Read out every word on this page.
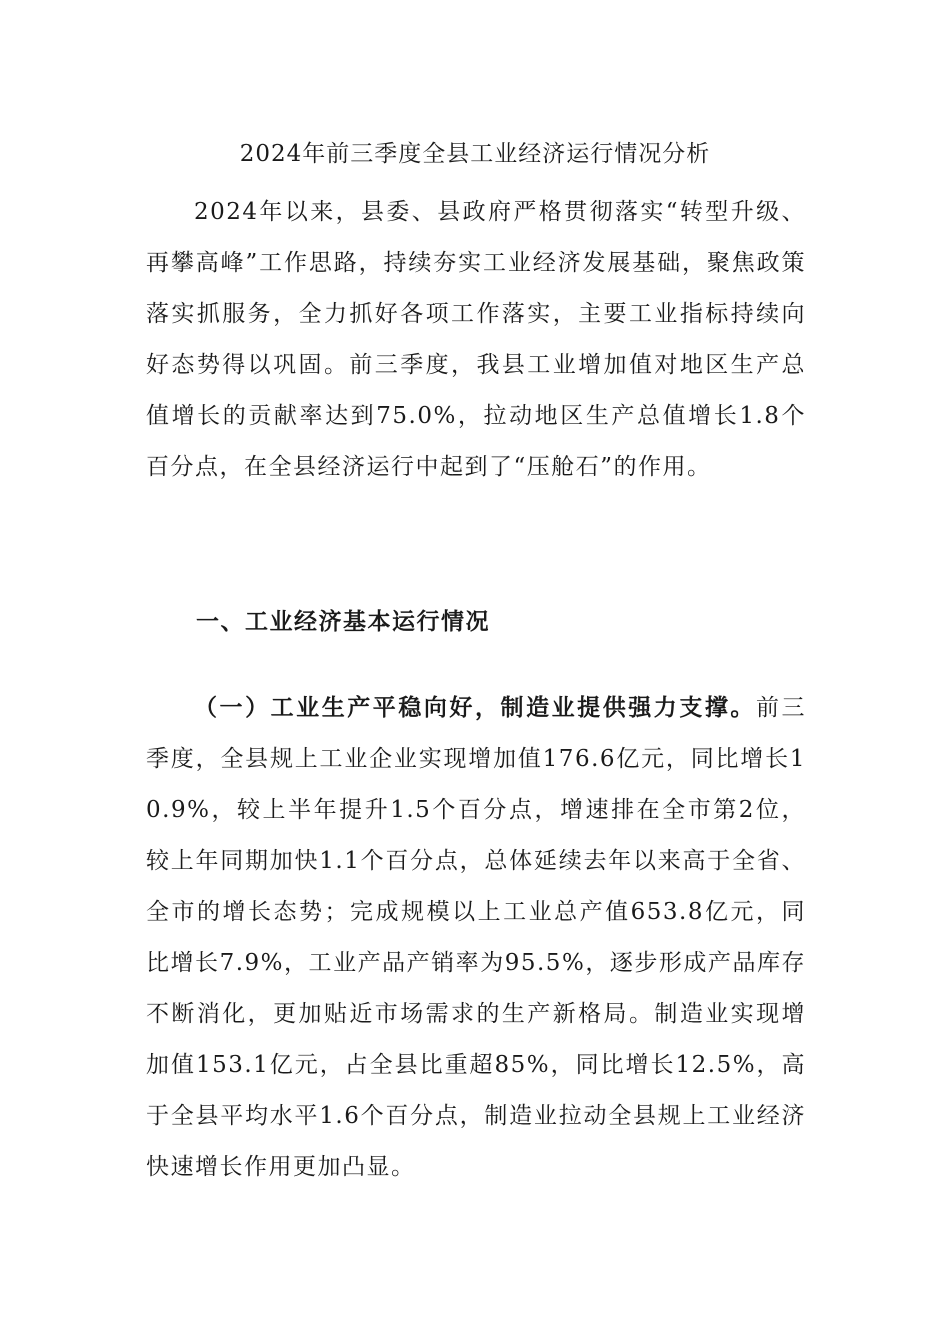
2024年前三季度全县工业经济运行情况分析
2024年以来，县委、县政府严格贯彻落实“转型升级、再攀高峰”工作思路，持续夯实工业经济发展基础，聚焦政策落实抓服务，全力抓好各项工作落实，主要工业指标持续向好态势得以巩固。前三季度，我县工业增加值对地区生产总值增长的贡献率达到75.0%，拉动地区生产总值增长1.8个百分点，在全县经济运行中起到了“压舱石”的作用。
一、工业经济基本运行情况
（一）工业生产平稳向好，制造业提供强力支撑。前三季度，全县规上工业企业实现增加值176.6亿元，同比增长10.9%，较上半年提升1.5个百分点，增速排在全市第2位，较上年同期加快1.1个百分点，总体延续去年以来高于全省、全市的增长态势；完成规模以上工业总产值653.8亿元，同比增长7.9%，工业产品产销率为95.5%，逐步形成产品库存不断消化，更加贴近市场需求的生产新格局。制造业实现增加值153.1亿元，占全县比重超85%，同比增长12.5%，高于全县平均水平1.6个百分点，制造业拉动全县规上工业经济快速增长作用更加凸显。
